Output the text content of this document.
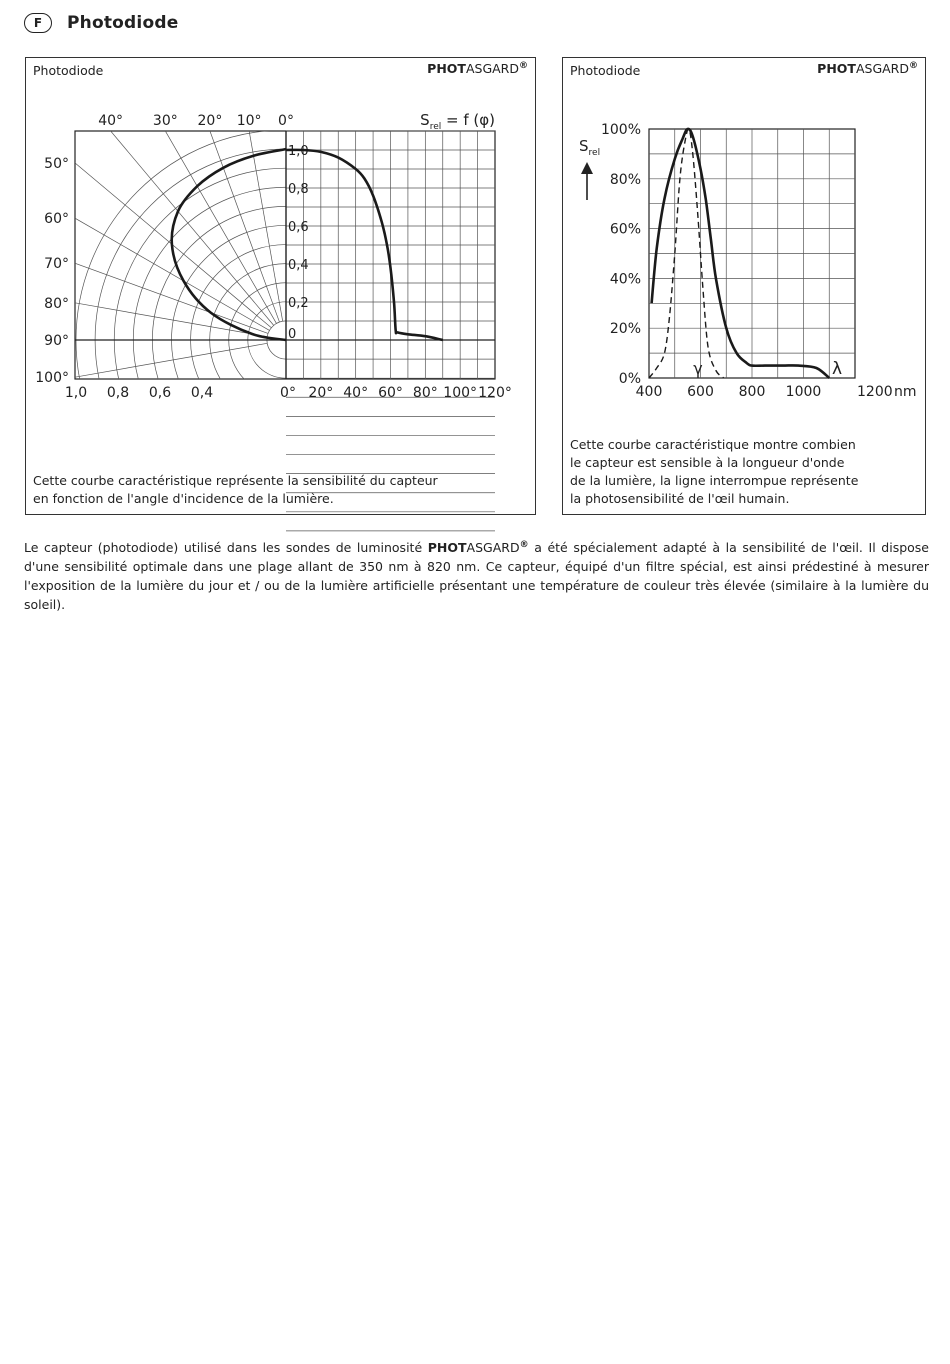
F	Photodiode
Photodiode	PHOTASGARD®
40° 30° 20° 10° 0°
50°
60°
70°
80°
90°
100°
1,0 0,8 0,6 0,4	0° 20° 40° 60° 80° 100° 120°
1,0
0,8
0,6
0,4
0,2
0
$S_{rel} = f$ (φ)
Cette courbe caractéristique représente la sensibilité du capteur
en fonction de l'angle d'incidence de la lumière.
Photodiode	PHOTASGARD®
100%
80%
60%
40%
20%
0%
400 600 800 1000	1200 nm
$S_{rel}$
γ	λ
Cette courbe caractéristique montre combien
le capteur est sensible à la longueur d'onde
de la lumière, la ligne interrompue représente
la photosensibilité de l'œil humain.
Le capteur (photodiode) utilisé dans les sondes de luminosité PHOTASGARD® a été spécialement adapté à la sensibilité de l'œil. Il dispose d'une sensibilité optimale dans une plage allant de 350 nm à 820 nm. Ce capteur, équipé d'un filtre spécial, est ainsi prédestiné à mesurer l'exposition de la lumière du jour et / ou de la lumière artificielle présentant une température de couleur très élevée (similaire à la lumière du soleil).
